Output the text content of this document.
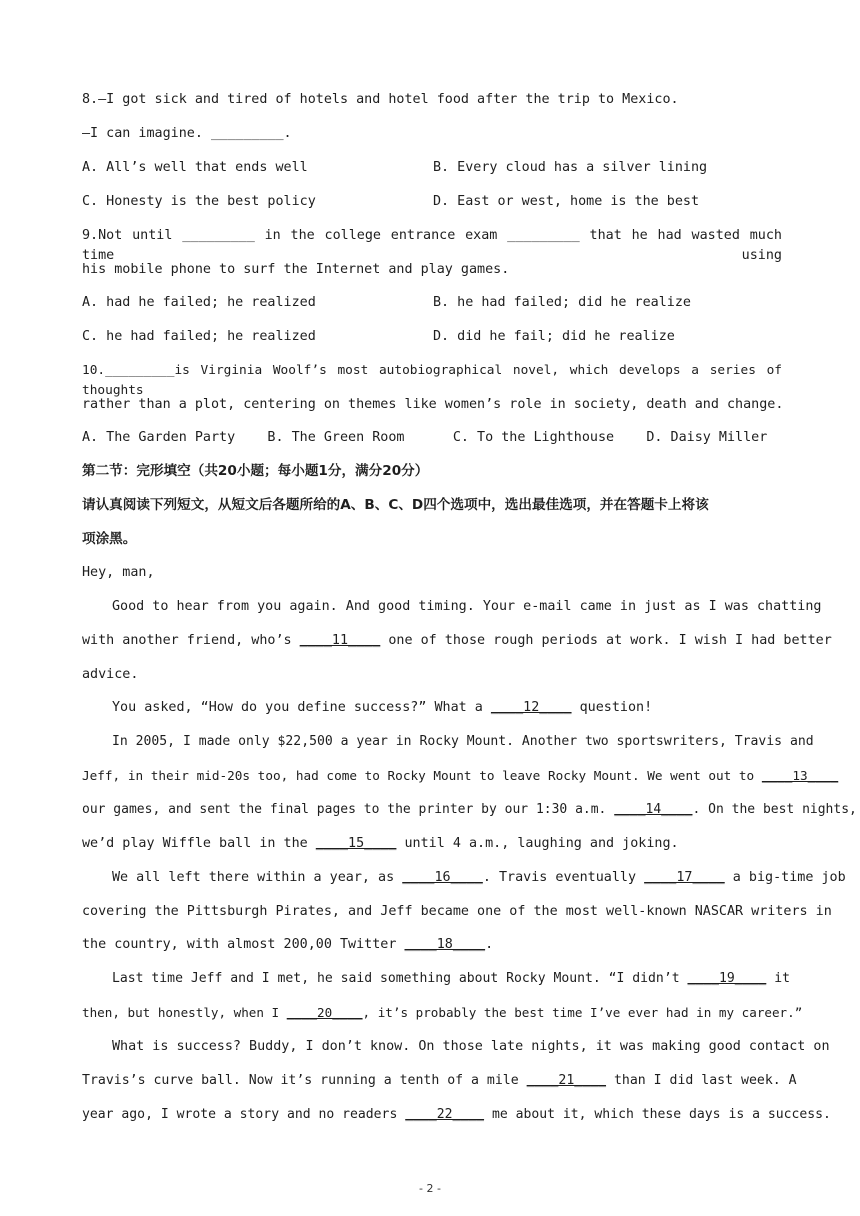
8.—I got sick and tired of hotels and hotel food after the trip to Mexico.
—I can imagine. _________.
A. All’s well that ends well	B. Every cloud has a silver lining
C. Honesty is the best policy	D. East or west, home is the best
9.Not until _________ in the college entrance exam _________ that he had wasted much time using
his mobile phone to surf the Internet and play games.
A. had he failed; he realized	B. he had failed; did he realize
C. he had failed; he realized	D. did he fail; did he realize
10._________is Virginia Woolf’s most autobiographical novel, which develops a series of thoughts
rather than a plot, centering on themes like women’s role in society, death and change.
A. The Garden Party    B. The Green Room      C. To the Lighthouse    D. Daisy Miller
第二节：完形填空（共20小题；每小题1分，满分20分）
请认真阅读下列短文，从短文后各题所给的A、B、C、D四个选项中，选出最佳选项，并在答题卡上将该
项涂黑。
Hey, man,
Good to hear from you again. And good timing. Your e-mail came in just as I was chatting
with another friend, who’s ____11____ one of those rough periods at work. I wish I had better
advice.
You asked, “How do you define success?” What a ____12____ question!
In 2005, I made only $22,500 a year in Rocky Mount. Another two sportswriters, Travis and
Jeff, in their mid-20s too, had come to Rocky Mount to leave Rocky Mount. We went out to ____13____
our games, and sent the final pages to the printer by our 1:30 a.m. ____14____. On the best nights,
we’d play Wiffle ball in the ____15____ until 4 a.m., laughing and joking.
We all left there within a year, as ____16____. Travis eventually ____17____ a big-time job
covering the Pittsburgh Pirates, and Jeff became one of the most well-known NASCAR writers in
the country, with almost 200,00 Twitter ____18____.
Last time Jeff and I met, he said something about Rocky Mount. “I didn’t ____19____ it
then, but honestly, when I ____20____, it’s probably the best time I’ve ever had in my career.”
What is success? Buddy, I don’t know. On those late nights, it was making good contact on
Travis’s curve ball. Now it’s running a tenth of a mile ____21____ than I did last week. A
year ago, I wrote a story and no readers ____22____ me about it, which these days is a success.
- 2 -
